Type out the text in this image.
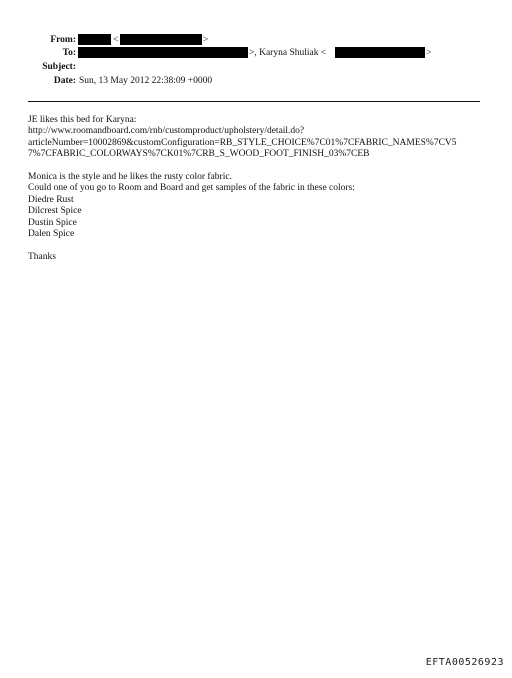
From:	<	>
To:	>, Karyna Shuliak <	>
Subject:
Date: Sun, 13 May 2012 22:38:09 +0000
JE likes this bed for Karyna:
http://www.roomandboard.com/rnb/customproduct/upholstery/detail.do?
articleNumber=10002869&customConfiguration=RB_STYLE_CHOICE%7C01%7CFABRIC_NAMES%7CV5
7%7CFABRIC_COLORWAYS%7CK01%7CRB_S_WOOD_FOOT_FINISH_03%7CEB
Monica is the style and he likes the rusty color fabric.
Could one of you go to Room and Board and get samples of the fabric in these colors:
Diedre Rust
Dilcrest Spice
Dustin Spice
Dalen Spice
Thanks
EFTA00526923
